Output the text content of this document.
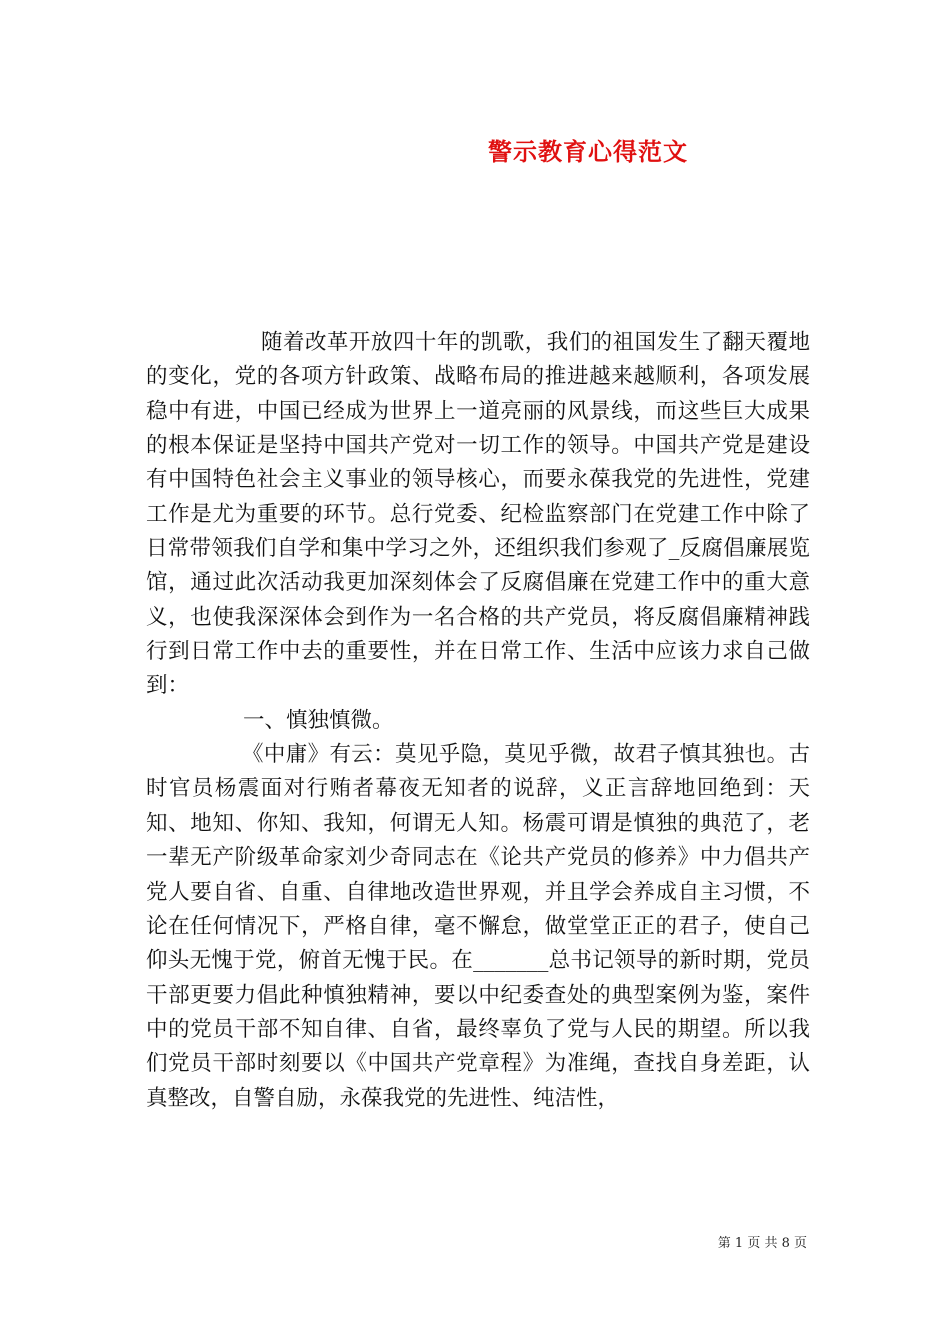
警示教育心得范文

随着改革开放四十年的凯歌，我们的祖国发生了翻天覆地的变化，党的各项方针政策、战略布局的推进越来越顺利，各项发展稳中有进，中国已经成为世界上一道亮丽的风景线，而这些巨大成果的根本保证是坚持中国共产党对一切工作的领导。中国共产党是建设有中国特色社会主义事业的领导核心，而要永葆我党的先进性，党建工作是尤为重要的环节。总行党委、纪检监察部门在党建工作中除了日常带领我们自学和集中学习之外，还组织我们参观了_反腐倡廉展览馆，通过此次活动我更加深刻体会了反腐倡廉在党建工作中的重大意义，也使我深深体会到作为一名合格的共产党员，将反腐倡廉精神践行到日常工作中去的重要性，并在日常工作、生活中应该力求自己做到：

一、慎独慎微。

《中庸》有云：莫见乎隐，莫见乎微，故君子慎其独也。古时官员杨震面对行贿者幕夜无知者的说辞，义正言辞地回绝到：天知、地知、你知、我知，何谓无人知。杨震可谓是慎独的典范了，老一辈无产阶级革命家刘少奇同志在《论共产党员的修养》中力倡共产党人要自省、自重、自律地改造世界观，并且学会养成自主习惯，不论在任何情况下，严格自律，毫不懈怠，做堂堂正正的君子，使自己仰头无愧于党，俯首无愧于民。在_______总书记领导的新时期，党员干部更要力倡此种慎独精神，要以中纪委查处的典型案例为鉴，案件中的党员干部不知自律、自省，最终辜负了党与人民的期望。所以我们党员干部时刻要以《中国共产党章程》为准绳，查找自身差距，认真整改，自警自励，永葆我党的先进性、纯洁性，

第 1 页 共 8 页
